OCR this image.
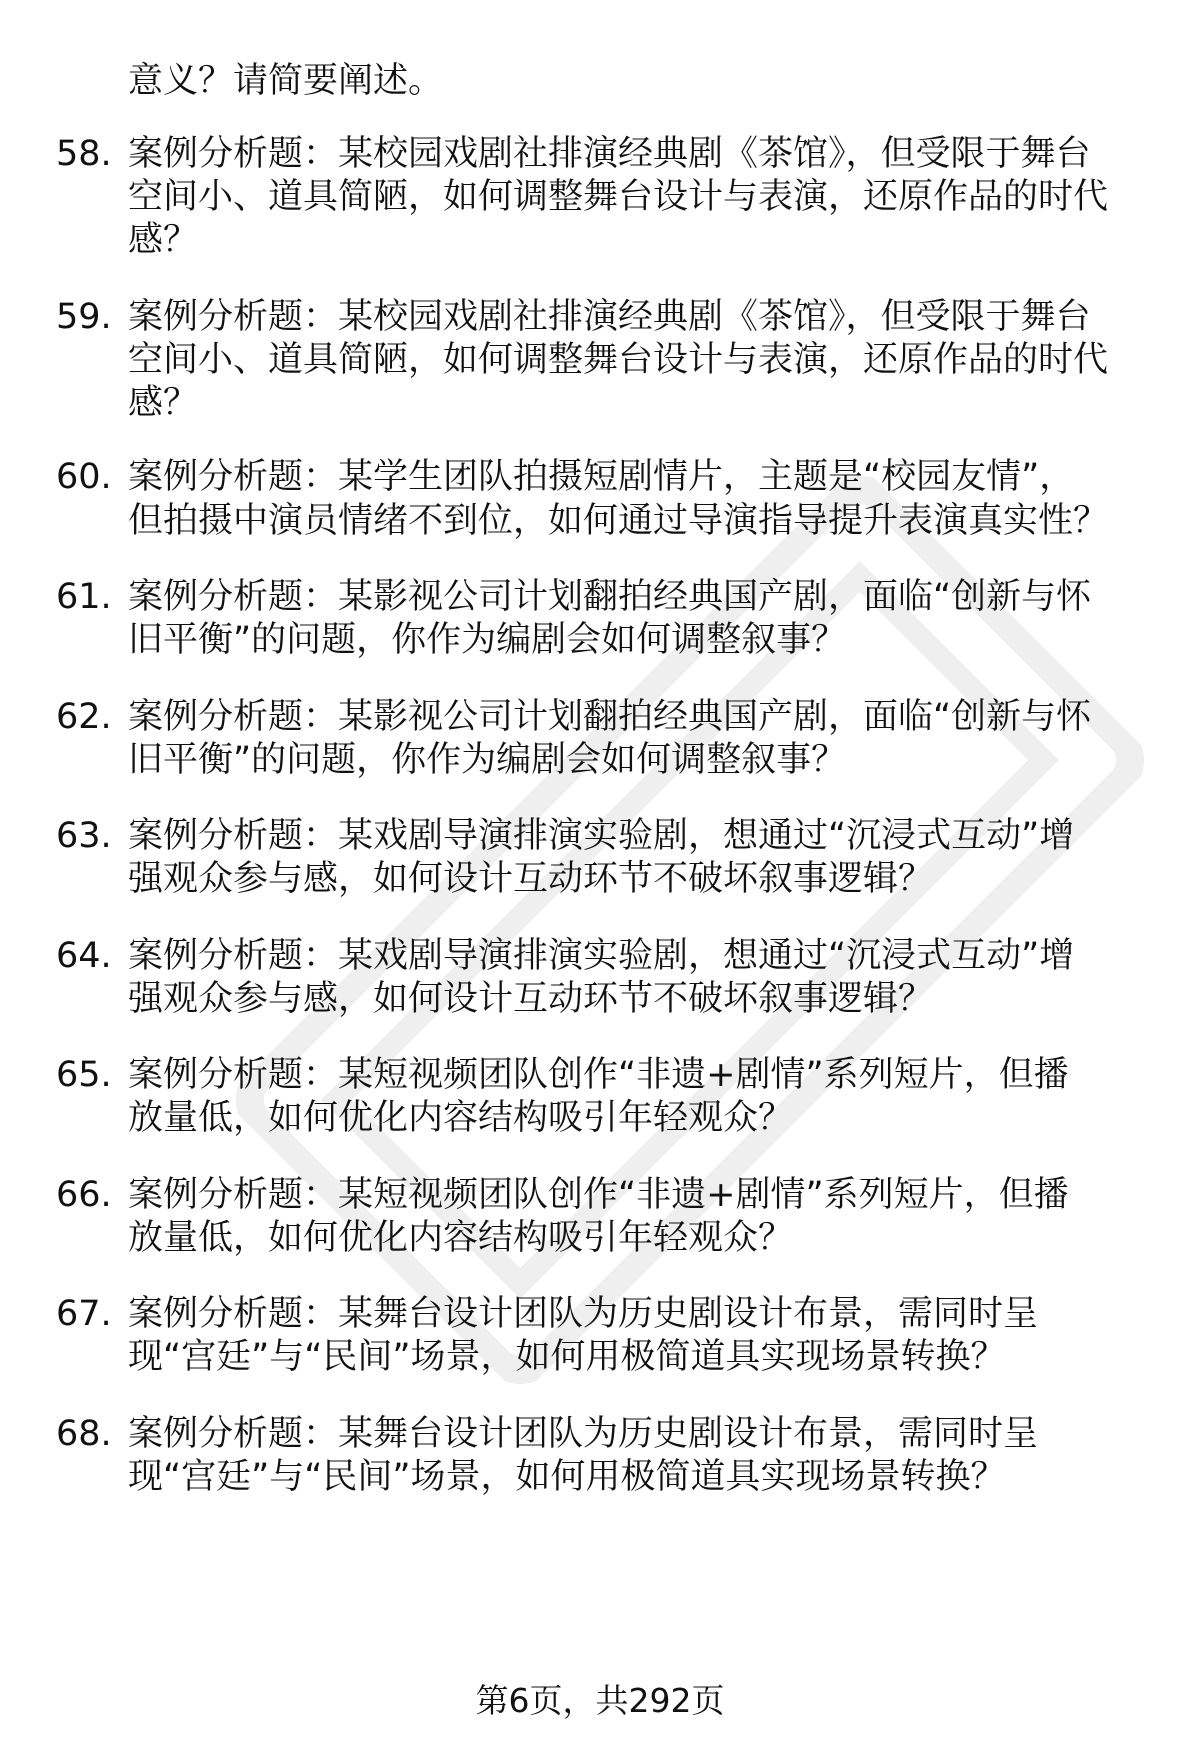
意义？请简要阐述。
58. 案例分析题：某校园戏剧社排演经典剧《茶馆》，但受限于舞台
空间小、道具简陋，如何调整舞台设计与表演，还原作品的时代
感？
59. 案例分析题：某校园戏剧社排演经典剧《茶馆》，但受限于舞台
空间小、道具简陋，如何调整舞台设计与表演，还原作品的时代
感？
60. 案例分析题：某学生团队拍摄短剧情片，主题是“校园友情”，
但拍摄中演员情绪不到位，如何通过导演指导提升表演真实性？
61. 案例分析题：某影视公司计划翻拍经典国产剧，面临“创新与怀
旧平衡”的问题，你作为编剧会如何调整叙事？
62. 案例分析题：某影视公司计划翻拍经典国产剧，面临“创新与怀
旧平衡”的问题，你作为编剧会如何调整叙事？
63. 案例分析题：某戏剧导演排演实验剧，想通过“沉浸式互动”增
强观众参与感，如何设计互动环节不破坏叙事逻辑？
64. 案例分析题：某戏剧导演排演实验剧，想通过“沉浸式互动”增
强观众参与感，如何设计互动环节不破坏叙事逻辑？
65. 案例分析题：某短视频团队创作“非遗+剧情”系列短片，但播
放量低，如何优化内容结构吸引年轻观众？
66. 案例分析题：某短视频团队创作“非遗+剧情”系列短片，但播
放量低，如何优化内容结构吸引年轻观众？
67. 案例分析题：某舞台设计团队为历史剧设计布景，需同时呈
现“宫廷”与“民间”场景，如何用极简道具实现场景转换？
68. 案例分析题：某舞台设计团队为历史剧设计布景，需同时呈
现“宫廷”与“民间”场景，如何用极简道具实现场景转换？
第6页，共292页
